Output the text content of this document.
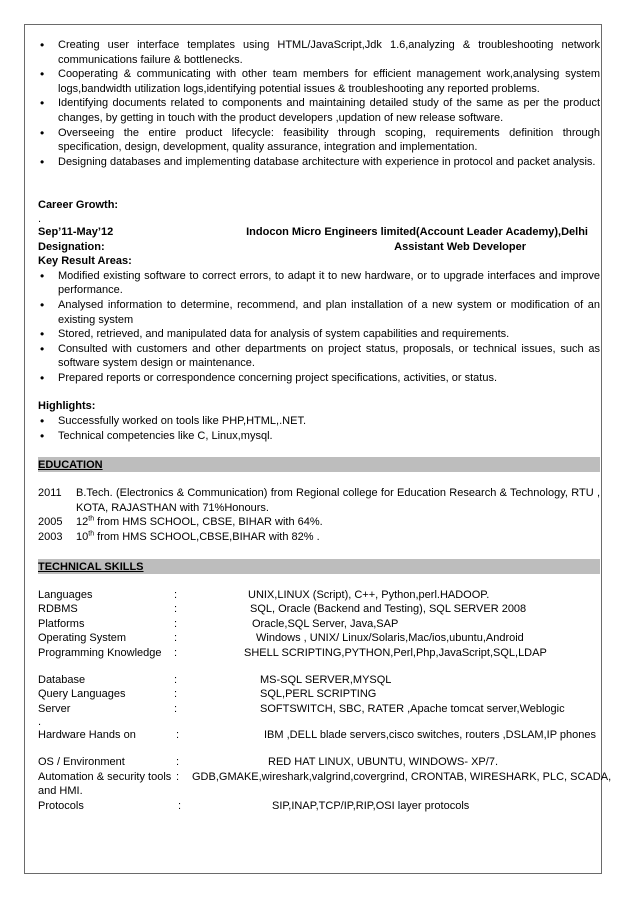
• Creating user interface templates using HTML/JavaScript,Jdk 1.6,analyzing & troubleshooting network communications failure & bottlenecks.
• Cooperating & communicating with other team members for efficient management work,analysing system logs,bandwidth utilization logs,identifying potential issues & troubleshooting any reported problems.
• Identifying documents related to components and maintaining detailed study of the same as per the product changes, by getting in touch with the product developers ,updation of new release software.
• Overseeing the entire product lifecycle: feasibility through scoping, requirements definition through specification, design, development, quality assurance, integration and implementation.
• Designing databases and implementing database architecture with experience in protocol and packet analysis.
Career Growth:
.
Sep’11-May’12	Indocon Micro Engineers limited(Account Leader Academy),Delhi
Designation:	Assistant Web Developer
Key Result Areas:
• Modified existing software to correct errors, to adapt it to new hardware, or to upgrade interfaces and improve performance.
• Analysed information to determine, recommend, and plan installation of a new system or modification of an existing system
• Stored, retrieved, and manipulated data for analysis of system capabilities and requirements.
• Consulted with customers and other departments on project status, proposals, or technical issues, such as software system design or maintenance.
• Prepared reports or correspondence concerning project specifications, activities, or status.
Highlights:
• Successfully worked on tools like PHP,HTML,.NET.
• Technical competencies like C, Linux,mysql.
EDUCATION
2011	B.Tech. (Electronics & Communication) from Regional college for Education Research & Technology, RTU , KOTA, RAJASTHAN with 71%Honours.
2005	12th from HMS SCHOOL, CBSE, BIHAR with 64%.
2003	10th from HMS SCHOOL,CBSE,BIHAR with 82% .
TECHNICAL SKILLS
Languages	:	UNIX,LINUX (Script), C++, Python,perl.HADOOP.
RDBMS	:	SQL, Oracle (Backend and Testing), SQL SERVER 2008
Platforms	:	Oracle,SQL Server, Java,SAP
Operating System	:	Windows , UNIX/ Linux/Solaris,Mac/ios,ubuntu,Android
Programming Knowledge	:	SHELL SCRIPTING,PYTHON,Perl,Php,JavaScript,SQL,LDAP
Database	:	MS-SQL SERVER,MYSQL
Query Languages	:	SQL,PERL SCRIPTING
Server	:	SOFTSWITCH, SBC, RATER ,Apache tomcat server,Weblogic
.
Hardware Hands on	:	IBM ,DELL blade servers,cisco switches, routers ,DSLAM,IP phones
OS / Environment	:	RED HAT LINUX, UBUNTU, WINDOWS- XP/7.
Automation & security tools :	GDB,GMAKE,wireshark,valgrind,covergrind, CRONTAB, WIRESHARK, PLC, SCADA,
and HMI.
Protocols	:	SIP,INAP,TCP/IP,RIP,OSI layer protocols
